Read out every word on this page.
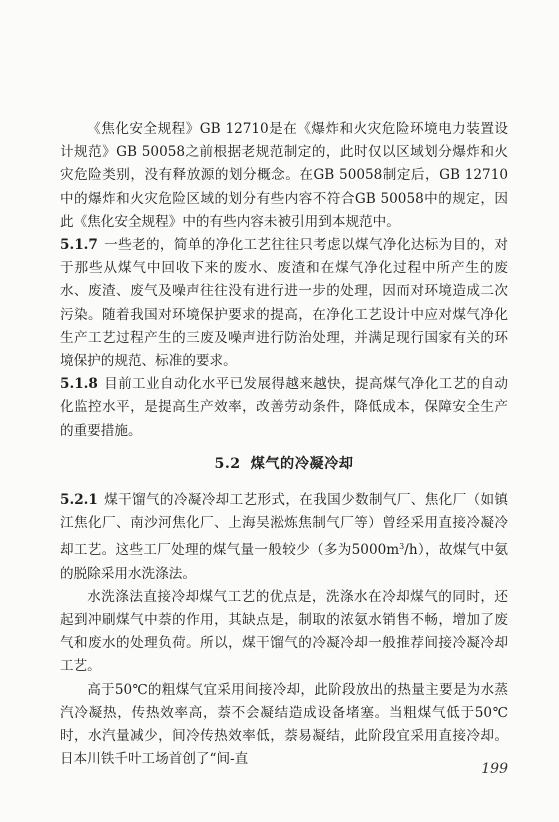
《焦化安全规程》GB 12710是在《爆炸和火灾危险环境电力装置设计规范》GB 50058之前根据老规范制定的，此时仅以区域划分爆炸和火灾危险类别，没有释放源的划分概念。在GB 50058制定后，GB 12710中的爆炸和火灾危险区域的划分有些内容不符合GB 50058中的规定，因此《焦化安全规程》中的有些内容未被引用到本规范中。

5.1.7 一些老的，简单的净化工艺往往只考虑以煤气净化达标为目的，对于那些从煤气中回收下来的废水、废渣和在煤气净化过程中所产生的废水、废渣、废气及噪声往往没有进行进一步的处理，因而对环境造成二次污染。随着我国对环境保护要求的提高，在净化工艺设计中应对煤气净化生产工艺过程产生的三废及噪声进行防治处理，并满足现行国家有关的环境保护的规范、标准的要求。

5.1.8 目前工业自动化水平已发展得越来越快，提高煤气净化工艺的自动化监控水平，是提高生产效率，改善劳动条件，降低成本，保障安全生产的重要措施。

5.2 煤气的冷凝冷却

5.2.1 煤干馏气的冷凝冷却工艺形式，在我国少数制气厂、焦化厂（如镇江焦化厂、南沙河焦化厂、上海吴淞炼焦制气厂等）曾经采用直接冷凝冷却工艺。这些工厂处理的煤气量一般较少（多为$5000m^3/h$），故煤气中氨的脱除采用水洗涤法。

水洗涤法直接冷却煤气工艺的优点是，洗涤水在冷却煤气的同时，还起到冲刷煤气中萘的作用，其缺点是，制取的浓氨水销售不畅，增加了废气和废水的处理负荷。所以，煤干馏气的冷凝冷却一般推荐间接冷凝冷却工艺。

高于50℃的粗煤气宜采用间接冷却，此阶段放出的热量主要是为水蒸汽冷凝热，传热效率高，萘不会凝结造成设备堵塞。当粗煤气低于50℃时，水汽量减少，间冷传热效率低，萘易凝结，此阶段宜采用直接冷却。日本川铁千叶工场首创了“间-直

199
